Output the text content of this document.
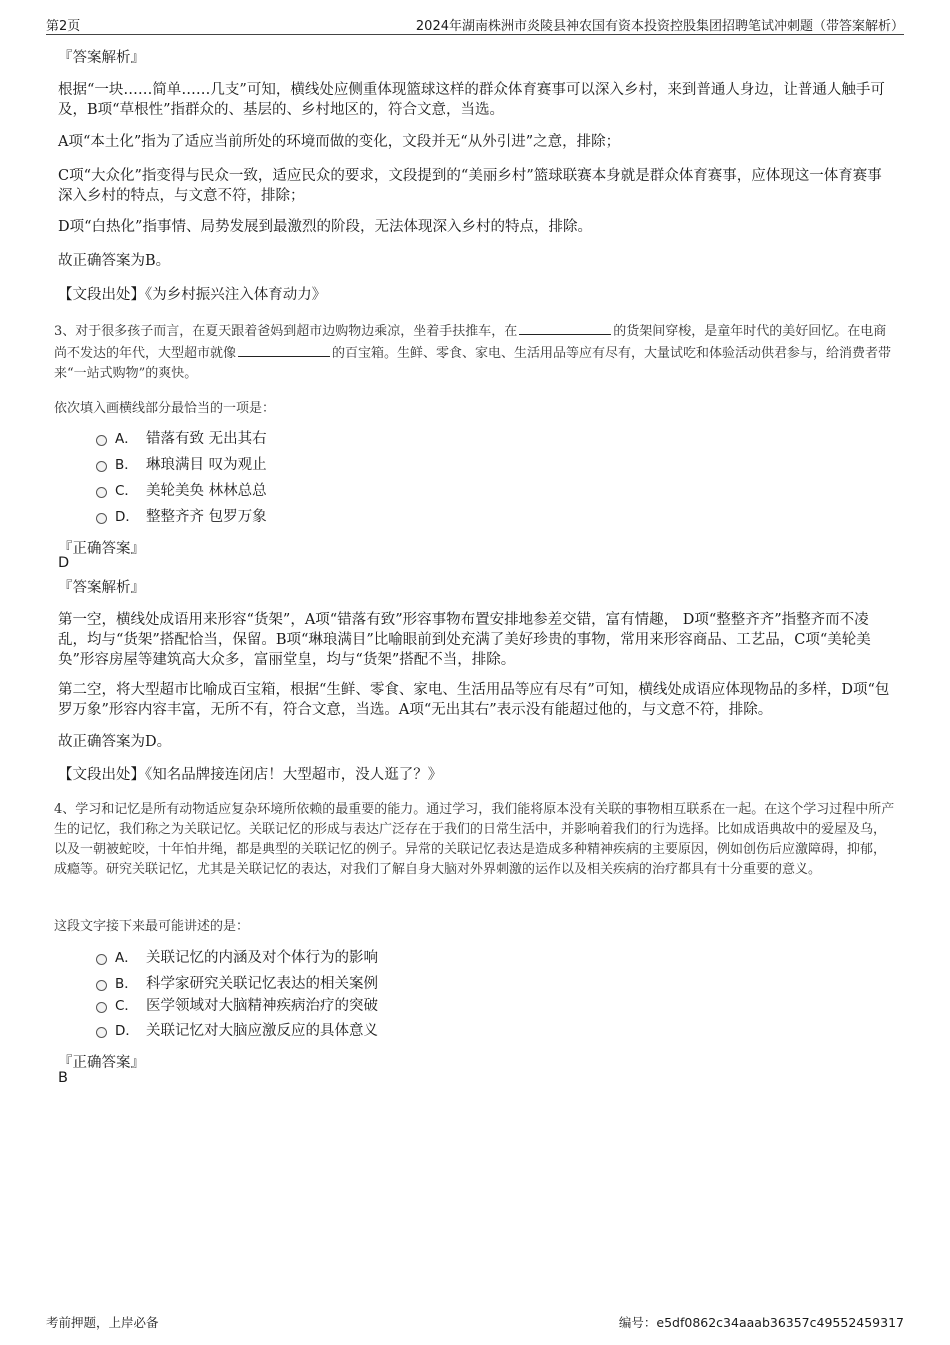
第2页	2024年湖南株洲市炎陵县神农国有资本投资控股集团招聘笔试冲刺题（带答案解析）
『答案解析』
根据“一块……简单……几支”可知，横线处应侧重体现篮球这样的群众体育赛事可以深入乡村，来到普通人身边，让普通人触手可及，B项“草根性”指群众的、基层的、乡村地区的，符合文意，当选。
A项“本土化”指为了适应当前所处的环境而做的变化，文段并无“从外引进”之意，排除；
C项“大众化”指变得与民众一致，适应民众的要求，文段提到的“美丽乡村”篮球联赛本身就是群众体育赛事，应体现这一体育赛事深入乡村的特点，与文意不符，排除；
D项“白热化”指事情、局势发展到最激烈的阶段，无法体现深入乡村的特点，排除。
故正确答案为B。
【文段出处】《为乡村振兴注入体育动力》
3、对于很多孩子而言，在夏天跟着爸妈到超市边购物边乘凉，坐着手扶推车，在	的货架间穿梭，是童年时代的美好回忆。在电商尚不发达的年代，大型超市就像	的百宝箱。生鲜、零食、家电、生活用品等应有尽有，大量试吃和体验活动供君参与，给消费者带来“一站式购物”的爽快。
依次填入画横线部分最恰当的一项是：
A． 错落有致 无出其右
B． 琳琅满目 叹为观止
C． 美轮美奂 林林总总
D． 整整齐齐 包罗万象
『正确答案』
D
『答案解析』
第一空，横线处成语用来形容“货架”，A项“错落有致”形容事物布置安排地参差交错，富有情趣， D项“整整齐齐”指整齐而不凌乱，均与“货架”搭配恰当，保留。B项“琳琅满目”比喻眼前到处充满了美好珍贵的事物，常用来形容商品、工艺品，C项“美轮美奂”形容房屋等建筑高大众多，富丽堂皇，均与“货架”搭配不当，排除。
第二空，将大型超市比喻成百宝箱，根据“生鲜、零食、家电、生活用品等应有尽有”可知，横线处成语应体现物品的多样，D项“包罗万象”形容内容丰富，无所不有，符合文意，当选。A项“无出其右”表示没有能超过他的，与文意不符，排除。
故正确答案为D。
【文段出处】《知名品牌接连闭店！大型超市，没人逛了？》
4、学习和记忆是所有动物适应复杂环境所依赖的最重要的能力。通过学习，我们能将原本没有关联的事物相互联系在一起。在这个学习过程中所产生的记忆，我们称之为关联记忆。关联记忆的形成与表达广泛存在于我们的日常生活中，并影响着我们的行为选择。比如成语典故中的爱屋及乌，以及一朝被蛇咬，十年怕井绳，都是典型的关联记忆的例子。异常的关联记忆表达是造成多种精神疾病的主要原因，例如创伤后应激障碍，抑郁，成瘾等。研究关联记忆，尤其是关联记忆的表达，对我们了解自身大脑对外界刺激的运作以及相关疾病的治疗都具有十分重要的意义。
这段文字接下来最可能讲述的是：
A． 关联记忆的内涵及对个体行为的影响
B． 科学家研究关联记忆表达的相关案例
C． 医学领域对大脑精神疾病治疗的突破
D． 关联记忆对大脑应激反应的具体意义
『正确答案』
B
考前押题，上岸必备	编号：e5df0862c34aaab36357c49552459317
